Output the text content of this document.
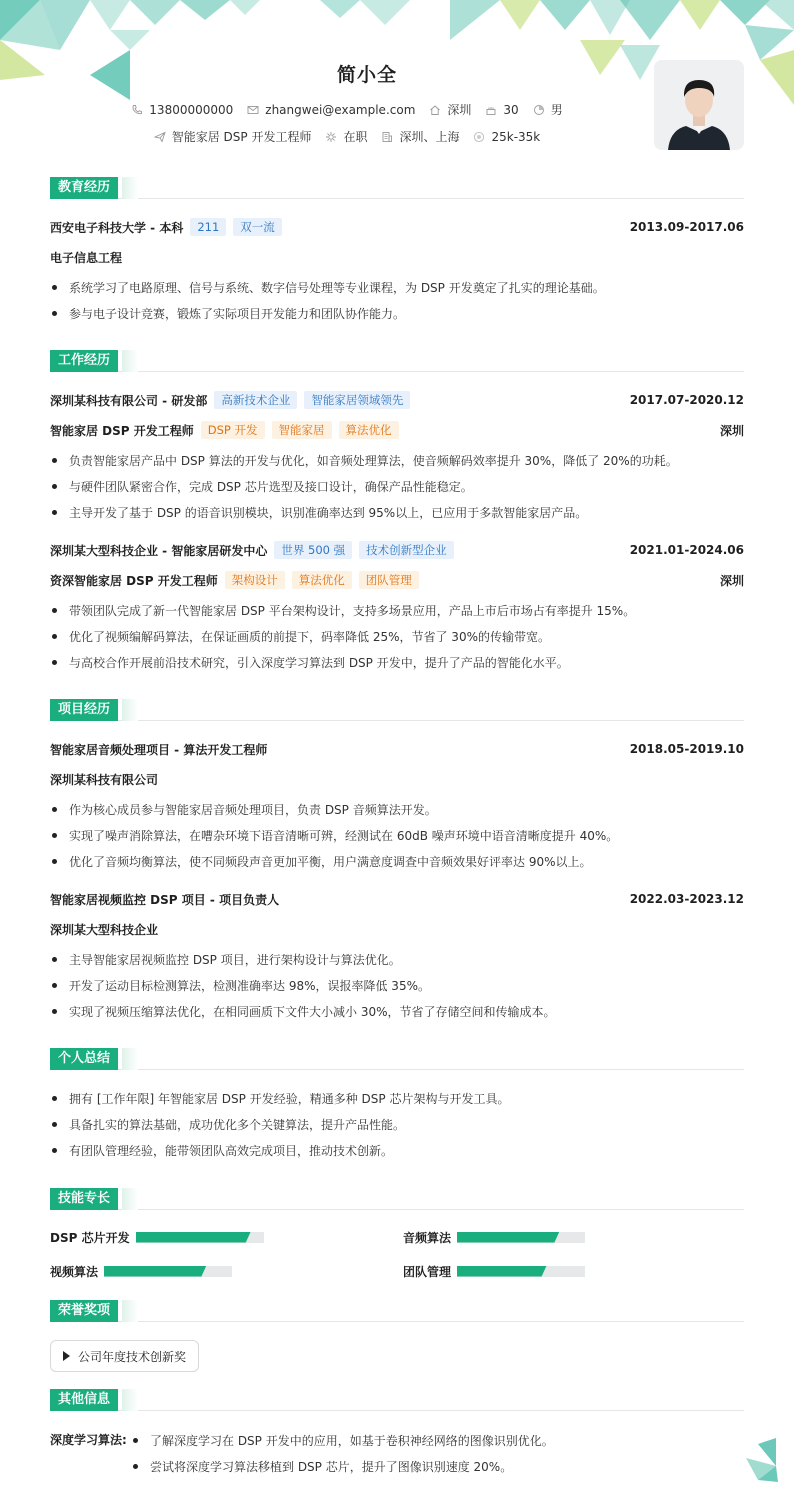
简小全
13800000000	zhangwei@example.com	深圳	30	男
智能家居 DSP 开发工程师	在职	深圳、上海	25k-35k
教育经历
西安电子科技大学 - 本科	211	双一流	2013.09-2017.06
电子信息工程
系统学习了电路原理、信号与系统、数字信号处理等专业课程，为 DSP 开发奠定了扎实的理论基础。
参与电子设计竞赛，锻炼了实际项目开发能力和团队协作能力。
工作经历
深圳某科技有限公司 - 研发部	高新技术企业	智能家居领域领先	2017.07-2020.12
智能家居 DSP 开发工程师	DSP 开发	智能家居	算法优化	深圳
负责智能家居产品中 DSP 算法的开发与优化，如音频处理算法，使音频解码效率提升 30%，降低了 20%的功耗。
与硬件团队紧密合作，完成 DSP 芯片选型及接口设计，确保产品性能稳定。
主导开发了基于 DSP 的语音识别模块，识别准确率达到 95%以上，已应用于多款智能家居产品。
深圳某大型科技企业 - 智能家居研发中心	世界 500 强	技术创新型企业	2021.01-2024.06
资深智能家居 DSP 开发工程师	架构设计	算法优化	团队管理	深圳
带领团队完成了新一代智能家居 DSP 平台架构设计，支持多场景应用，产品上市后市场占有率提升 15%。
优化了视频编解码算法，在保证画质的前提下，码率降低 25%，节省了 30%的传输带宽。
与高校合作开展前沿技术研究，引入深度学习算法到 DSP 开发中，提升了产品的智能化水平。
项目经历
智能家居音频处理项目 - 算法开发工程师	2018.05-2019.10
深圳某科技有限公司
作为核心成员参与智能家居音频处理项目，负责 DSP 音频算法开发。
实现了噪声消除算法，在嘈杂环境下语音清晰可辨，经测试在 60dB 噪声环境中语音清晰度提升 40%。
优化了音频均衡算法，使不同频段声音更加平衡，用户满意度调查中音频效果好评率达 90%以上。
智能家居视频监控 DSP 项目 - 项目负责人	2022.03-2023.12
深圳某大型科技企业
主导智能家居视频监控 DSP 项目，进行架构设计与算法优化。
开发了运动目标检测算法，检测准确率达 98%，误报率降低 35%。
实现了视频压缩算法优化，在相同画质下文件大小减小 30%，节省了存储空间和传输成本。
个人总结
拥有 [工作年限] 年智能家居 DSP 开发经验，精通多种 DSP 芯片架构与开发工具。
具备扎实的算法基础，成功优化多个关键算法，提升产品性能。
有团队管理经验，能带领团队高效完成项目，推动技术创新。
技能专长
DSP 芯片开发	音频算法
视频算法	团队管理
荣誉奖项
公司年度技术创新奖
其他信息
深度学习算法: 了解深度学习在 DSP 开发中的应用，如基于卷积神经网络的图像识别优化。
尝试将深度学习算法移植到 DSP 芯片，提升了图像识别速度 20%。
